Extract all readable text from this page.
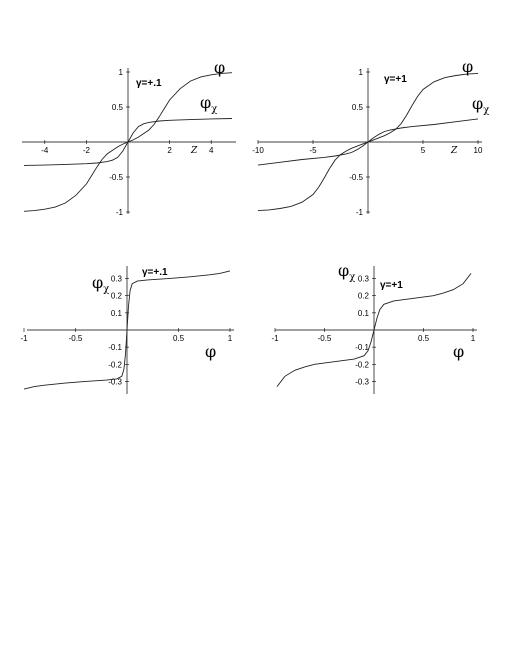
-4	-2	2	4
-1
-0.5
0.5
1
γ=+.1
φ
$\varphi_\chi$
Z	-10	-5	5	10
-1
-0.5
0.5
1
γ=+1
φ
$\varphi_\chi$
Z
-1	-0.5	0.5	1
-0.3
-0.2
-0.1
0.1
0.2
0.3
γ=+.1
$\varphi_\chi$
φ
-1	-0.5	0.5	1
-0.3
-0.2
-0.1
0.1
0.2
0.3
γ=+1
$\varphi_\chi$
φ
